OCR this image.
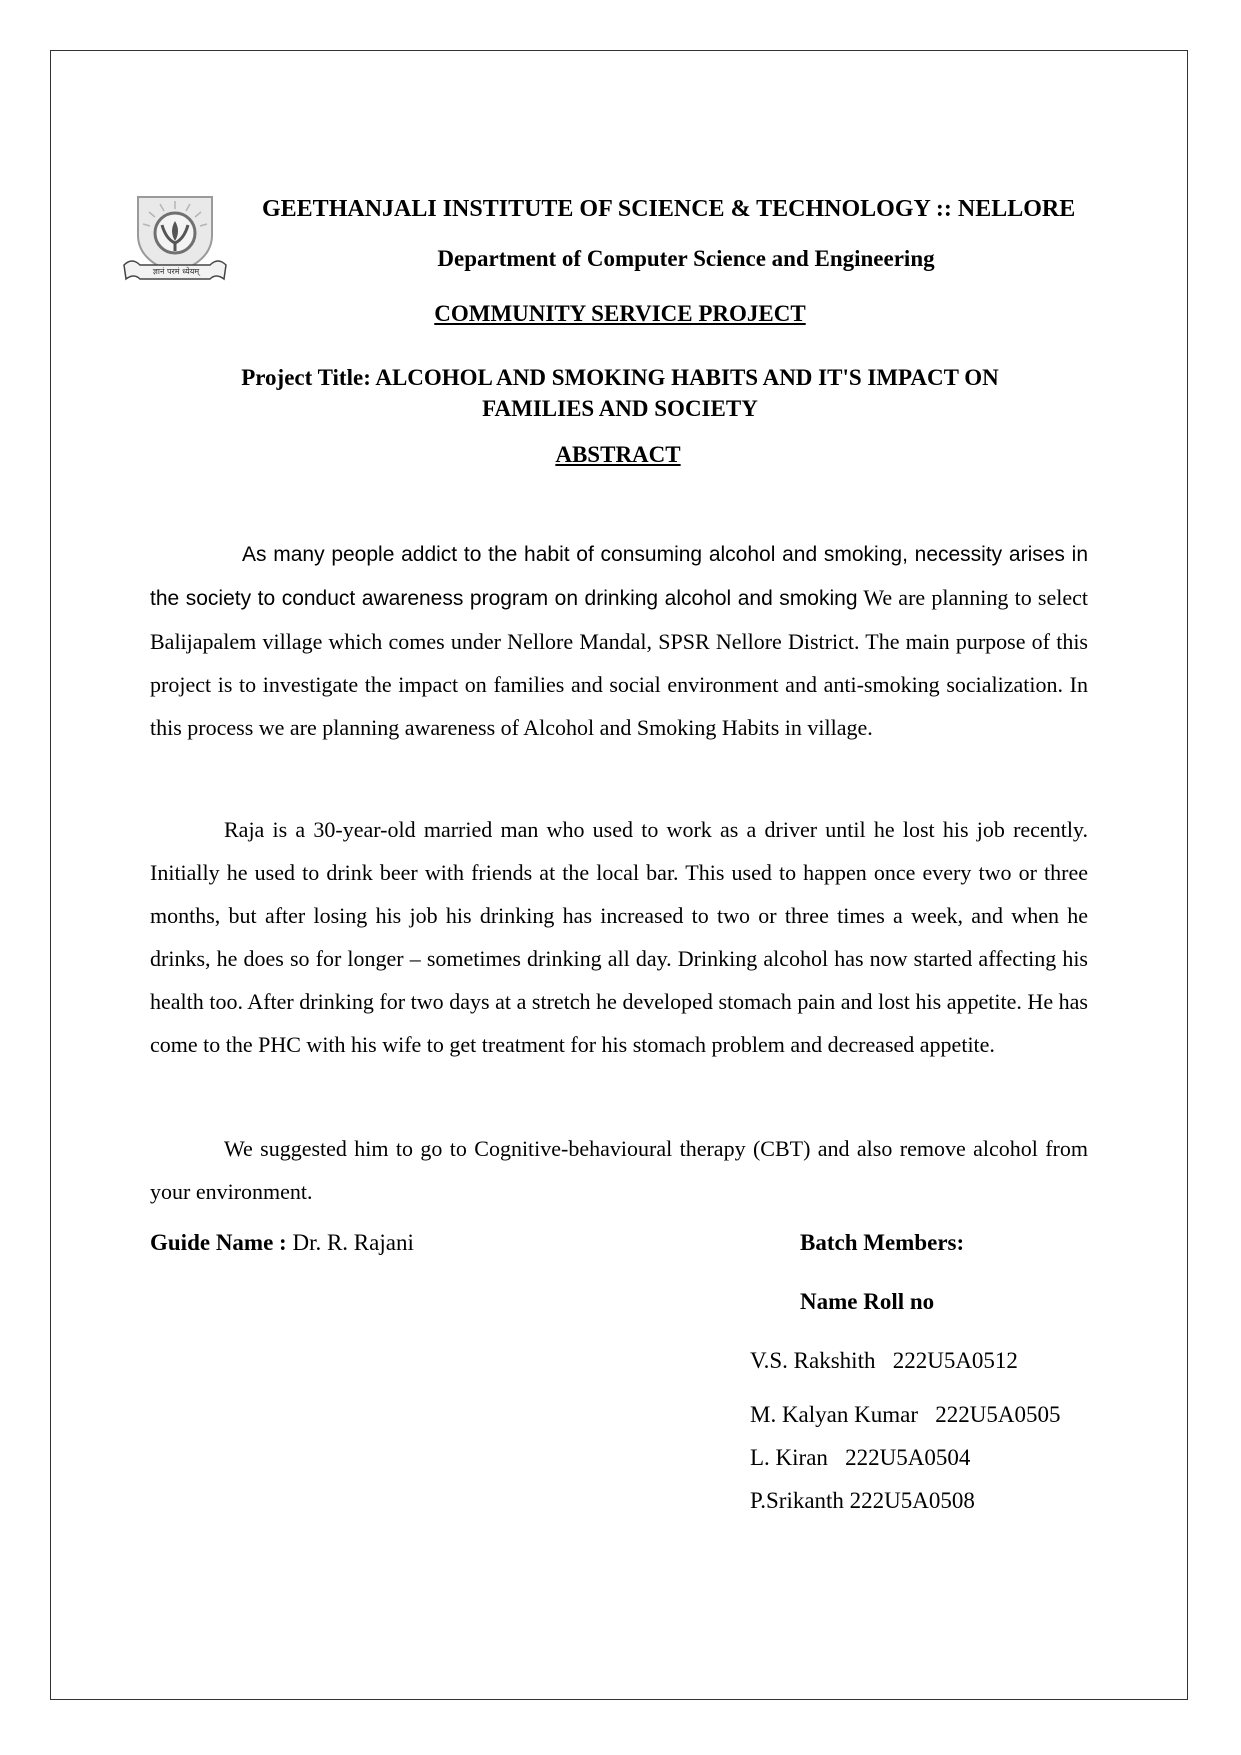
ज्ञानं परमं ध्येयम्
GEETHANJALI INSTITUTE OF SCIENCE & TECHNOLOGY :: NELLORE
Department of Computer Science and Engineering
COMMUNITY SERVICE PROJECT
Project Title: ALCOHOL AND SMOKING HABITS AND IT'S IMPACT ON
FAMILIES AND SOCIETY
ABSTRACT
As many people addict to the habit of consuming alcohol and smoking, necessity arises in the society to conduct awareness program on drinking alcohol and smoking We are planning to select Balijapalem village which comes under Nellore Mandal, SPSR Nellore District. The main purpose of this project is to investigate the impact on families and social environment and anti-smoking socialization. In this process we are planning awareness of Alcohol and Smoking Habits in village.
Raja is a 30-year-old married man who used to work as a driver until he lost his job recently. Initially he used to drink beer with friends at the local bar. This used to happen once every two or three months, but after losing his job his drinking has increased to two or three times a week, and when he drinks, he does so for longer – sometimes drinking all day. Drinking alcohol has now started affecting his health too. After drinking for two days at a stretch he developed stomach pain and lost his appetite. He has come to the PHC with his wife to get treatment for his stomach problem and decreased appetite.
We suggested him to go to Cognitive-behavioural therapy (CBT) and also remove alcohol from your environment.
Guide Name : Dr. R. Rajani	Batch Members:
Name Roll no
V.S. Rakshith   222U5A0512
M. Kalyan Kumar   222U5A0505
L. Kiran   222U5A0504
P.Srikanth 222U5A0508
